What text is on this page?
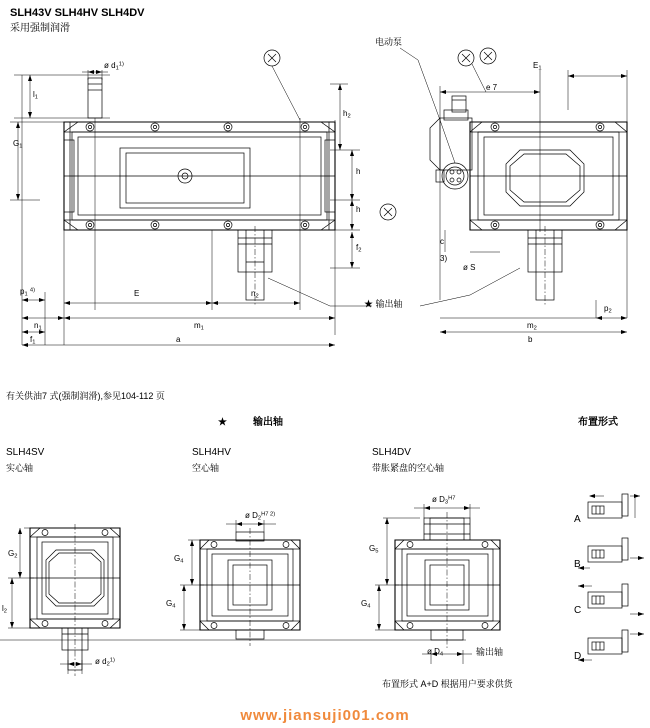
SLH43V SLH4HV SLH4DV
采用强制润滑
ø $d_1^{1)}$
$l_1$
$G_1$
$h_2$
h
h
$f_2$
$p_1$ $^{4)}$	E	$n_2$
$n_1$	$m_1$
$f_1$	a
电动泵
$E_1$
e 7
c
3)
ø S
$p_2$
$m_2$
b
★ 输出轴
有关供油7 式(强制润滑),参见104-112 页
★	输出轴	布置形式
SLH4SV
实心轴
SLH4HV
空心轴
SLH4DV
带胀紧盘的空心轴
$G_2$
$l_2$
ø $d_2^{1)}$
ø $D_2^{H7 2)}$
$G_4$
$G_4$
ø $D_3^{H7}$
$G_5$
$G_4$
ø $D_4$	输出轴
A
B
C
D
布置形式 A+D 根据用户要求供货
www.jiansuji001.com
